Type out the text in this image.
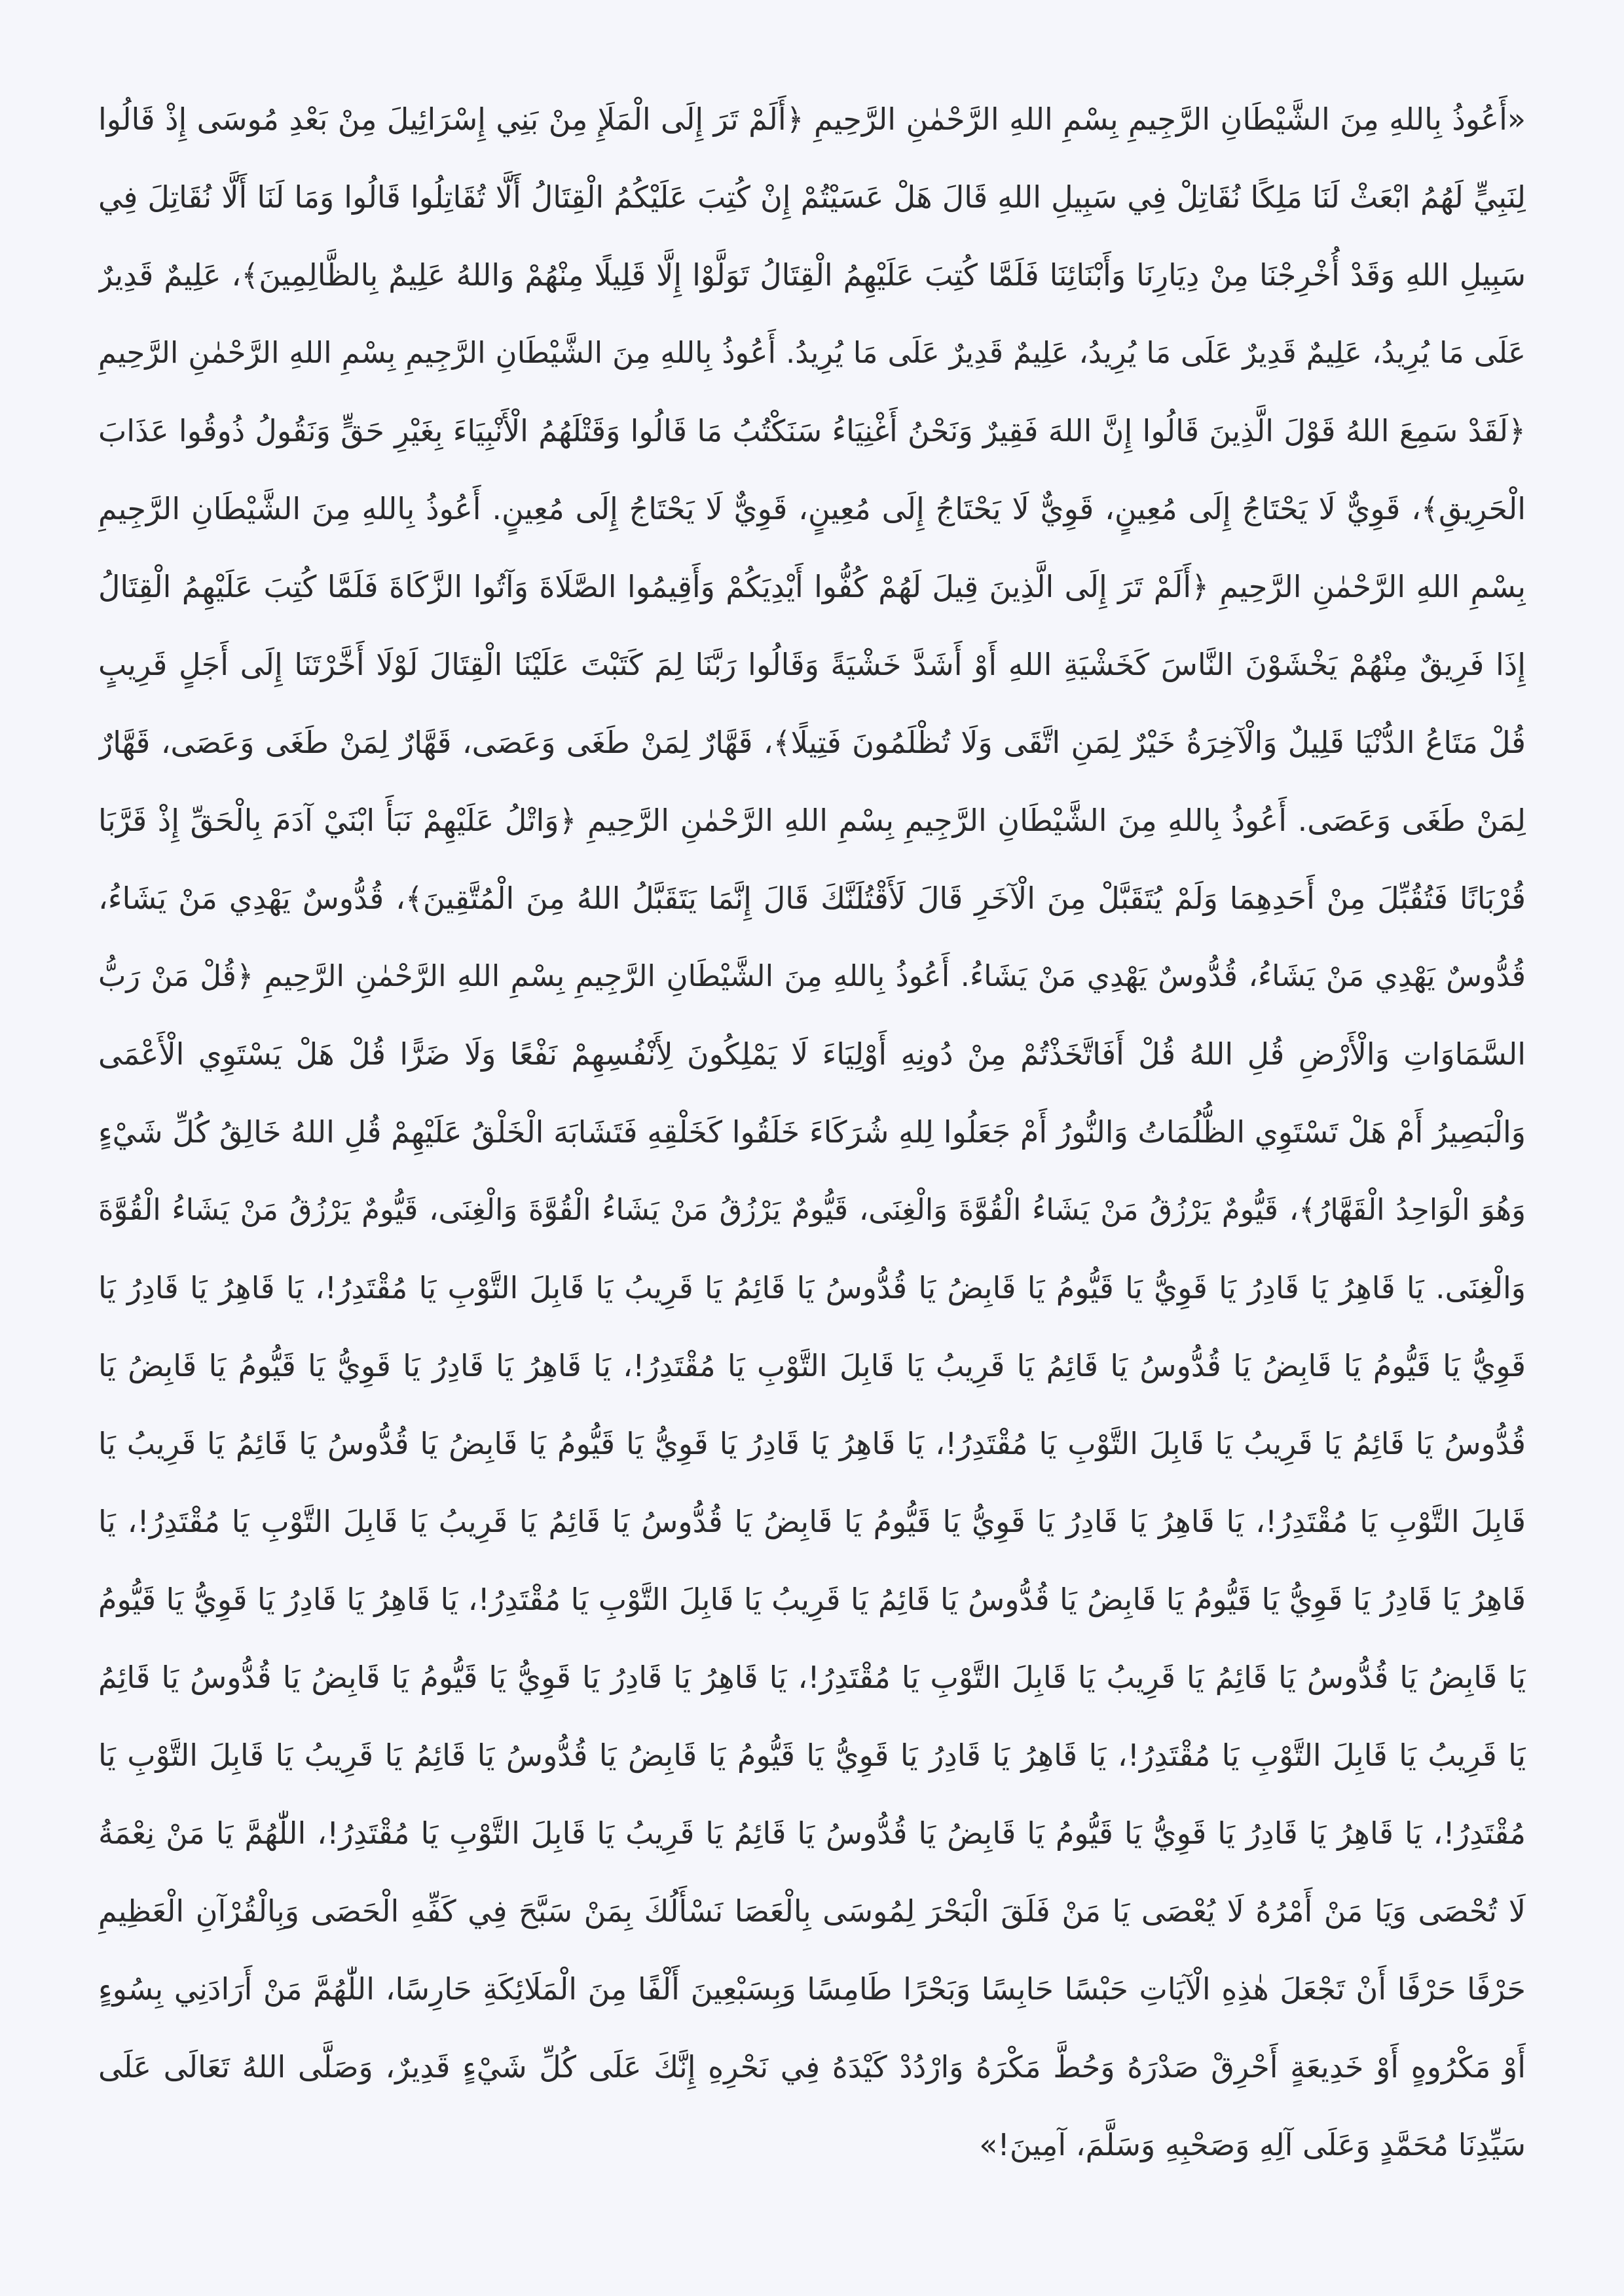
«أَعُوذُ بِاللهِ مِنَ الشَّيْطَانِ الرَّجِيمِ بِسْمِ اللهِ الرَّحْمٰنِ الرَّحِيمِ ﴿أَلَمْ تَرَ إِلَى الْمَلَإِ مِنْ بَنِي إِسْرَائِيلَ مِنْ بَعْدِ مُوسَى إِذْ قَالُوا
لِنَبِيٍّ لَهُمُ ابْعَثْ لَنَا مَلِكًا نُقَاتِلْ فِي سَبِيلِ اللهِ قَالَ هَلْ عَسَيْتُمْ إِنْ كُتِبَ عَلَيْكُمُ الْقِتَالُ أَلَّا تُقَاتِلُوا قَالُوا وَمَا لَنَا أَلَّا نُقَاتِلَ فِي
سَبِيلِ اللهِ وَقَدْ أُخْرِجْنَا مِنْ دِيَارِنَا وَأَبْنَائِنَا فَلَمَّا كُتِبَ عَلَيْهِمُ الْقِتَالُ تَوَلَّوْا إِلَّا قَلِيلًا مِنْهُمْ وَاللهُ عَلِيمٌ بِالظَّالِمِينَ﴾، عَلِيمٌ قَدِيرٌ
عَلَى مَا يُرِيدُ، عَلِيمٌ قَدِيرٌ عَلَى مَا يُرِيدُ، عَلِيمٌ قَدِيرٌ عَلَى مَا يُرِيدُ. أَعُوذُ بِاللهِ مِنَ الشَّيْطَانِ الرَّجِيمِ بِسْمِ اللهِ الرَّحْمٰنِ الرَّحِيمِ
﴿لَقَدْ سَمِعَ اللهُ قَوْلَ الَّذِينَ قَالُوا إِنَّ اللهَ فَقِيرٌ وَنَحْنُ أَغْنِيَاءُ سَنَكْتُبُ مَا قَالُوا وَقَتْلَهُمُ الْأَنْبِيَاءَ بِغَيْرِ حَقٍّ وَنَقُولُ ذُوقُوا عَذَابَ
الْحَرِيقِ﴾، قَوِيٌّ لَا يَحْتَاجُ إِلَى مُعِينٍ، قَوِيٌّ لَا يَحْتَاجُ إِلَى مُعِينٍ، قَوِيٌّ لَا يَحْتَاجُ إِلَى مُعِينٍ. أَعُوذُ بِاللهِ مِنَ الشَّيْطَانِ الرَّجِيمِ
بِسْمِ اللهِ الرَّحْمٰنِ الرَّحِيمِ ﴿أَلَمْ تَرَ إِلَى الَّذِينَ قِيلَ لَهُمْ كُفُّوا أَيْدِيَكُمْ وَأَقِيمُوا الصَّلَاةَ وَآتُوا الزَّكَاةَ فَلَمَّا كُتِبَ عَلَيْهِمُ الْقِتَالُ
إِذَا فَرِيقٌ مِنْهُمْ يَخْشَوْنَ النَّاسَ كَخَشْيَةِ اللهِ أَوْ أَشَدَّ خَشْيَةً وَقَالُوا رَبَّنَا لِمَ كَتَبْتَ عَلَيْنَا الْقِتَالَ لَوْلَا أَخَّرْتَنَا إِلَى أَجَلٍ قَرِيبٍ
قُلْ مَتَاعُ الدُّنْيَا قَلِيلٌ وَالْآخِرَةُ خَيْرٌ لِمَنِ اتَّقَى وَلَا تُظْلَمُونَ فَتِيلًا﴾، قَهَّارٌ لِمَنْ طَغَى وَعَصَى، قَهَّارٌ لِمَنْ طَغَى وَعَصَى، قَهَّارٌ
لِمَنْ طَغَى وَعَصَى. أَعُوذُ بِاللهِ مِنَ الشَّيْطَانِ الرَّجِيمِ بِسْمِ اللهِ الرَّحْمٰنِ الرَّحِيمِ ﴿وَاتْلُ عَلَيْهِمْ نَبَأَ ابْنَيْ آدَمَ بِالْحَقِّ إِذْ قَرَّبَا
قُرْبَانًا فَتُقُبِّلَ مِنْ أَحَدِهِمَا وَلَمْ يُتَقَبَّلْ مِنَ الْآخَرِ قَالَ لَأَقْتُلَنَّكَ قَالَ إِنَّمَا يَتَقَبَّلُ اللهُ مِنَ الْمُتَّقِينَ﴾، قُدُّوسٌ يَهْدِي مَنْ يَشَاءُ،
قُدُّوسٌ يَهْدِي مَنْ يَشَاءُ، قُدُّوسٌ يَهْدِي مَنْ يَشَاءُ. أَعُوذُ بِاللهِ مِنَ الشَّيْطَانِ الرَّجِيمِ بِسْمِ اللهِ الرَّحْمٰنِ الرَّحِيمِ ﴿قُلْ مَنْ رَبُّ
السَّمَاوَاتِ وَالْأَرْضِ قُلِ اللهُ قُلْ أَفَاتَّخَذْتُمْ مِنْ دُونِهِ أَوْلِيَاءَ لَا يَمْلِكُونَ لِأَنْفُسِهِمْ نَفْعًا وَلَا ضَرًّا قُلْ هَلْ يَسْتَوِي الْأَعْمَى
وَالْبَصِيرُ أَمْ هَلْ تَسْتَوِي الظُّلُمَاتُ وَالنُّورُ أَمْ جَعَلُوا لِلهِ شُرَكَاءَ خَلَقُوا كَخَلْقِهِ فَتَشَابَهَ الْخَلْقُ عَلَيْهِمْ قُلِ اللهُ خَالِقُ كُلِّ شَيْءٍ
وَهُوَ الْوَاحِدُ الْقَهَّارُ﴾، قَيُّومٌ يَرْزُقُ مَنْ يَشَاءُ الْقُوَّةَ وَالْغِنَى، قَيُّومٌ يَرْزُقُ مَنْ يَشَاءُ الْقُوَّةَ وَالْغِنَى، قَيُّومٌ يَرْزُقُ مَنْ يَشَاءُ الْقُوَّةَ
وَالْغِنَى. يَا قَاهِرُ يَا قَادِرُ يَا قَوِيُّ يَا قَيُّومُ يَا قَابِضُ يَا قُدُّوسُ يَا قَائِمُ يَا قَرِيبُ يَا قَابِلَ التَّوْبِ يَا مُقْتَدِرُ!، يَا قَاهِرُ يَا قَادِرُ يَا
قَوِيُّ يَا قَيُّومُ يَا قَابِضُ يَا قُدُّوسُ يَا قَائِمُ يَا قَرِيبُ يَا قَابِلَ التَّوْبِ يَا مُقْتَدِرُ!، يَا قَاهِرُ يَا قَادِرُ يَا قَوِيُّ يَا قَيُّومُ يَا قَابِضُ يَا
قُدُّوسُ يَا قَائِمُ يَا قَرِيبُ يَا قَابِلَ التَّوْبِ يَا مُقْتَدِرُ!، يَا قَاهِرُ يَا قَادِرُ يَا قَوِيُّ يَا قَيُّومُ يَا قَابِضُ يَا قُدُّوسُ يَا قَائِمُ يَا قَرِيبُ يَا
قَابِلَ التَّوْبِ يَا مُقْتَدِرُ!، يَا قَاهِرُ يَا قَادِرُ يَا قَوِيُّ يَا قَيُّومُ يَا قَابِضُ يَا قُدُّوسُ يَا قَائِمُ يَا قَرِيبُ يَا قَابِلَ التَّوْبِ يَا مُقْتَدِرُ!، يَا
قَاهِرُ يَا قَادِرُ يَا قَوِيُّ يَا قَيُّومُ يَا قَابِضُ يَا قُدُّوسُ يَا قَائِمُ يَا قَرِيبُ يَا قَابِلَ التَّوْبِ يَا مُقْتَدِرُ!، يَا قَاهِرُ يَا قَادِرُ يَا قَوِيُّ يَا قَيُّومُ
يَا قَابِضُ يَا قُدُّوسُ يَا قَائِمُ يَا قَرِيبُ يَا قَابِلَ التَّوْبِ يَا مُقْتَدِرُ!، يَا قَاهِرُ يَا قَادِرُ يَا قَوِيُّ يَا قَيُّومُ يَا قَابِضُ يَا قُدُّوسُ يَا قَائِمُ
يَا قَرِيبُ يَا قَابِلَ التَّوْبِ يَا مُقْتَدِرُ!، يَا قَاهِرُ يَا قَادِرُ يَا قَوِيُّ يَا قَيُّومُ يَا قَابِضُ يَا قُدُّوسُ يَا قَائِمُ يَا قَرِيبُ يَا قَابِلَ التَّوْبِ يَا
مُقْتَدِرُ!، يَا قَاهِرُ يَا قَادِرُ يَا قَوِيُّ يَا قَيُّومُ يَا قَابِضُ يَا قُدُّوسُ يَا قَائِمُ يَا قَرِيبُ يَا قَابِلَ التَّوْبِ يَا مُقْتَدِرُ!، اللّٰهُمَّ يَا مَنْ نِعْمَةُ
لَا تُحْصَى وَيَا مَنْ أَمْرُهُ لَا يُعْصَى يَا مَنْ فَلَقَ الْبَحْرَ لِمُوسَى بِالْعَصَا نَسْأَلُكَ بِمَنْ سَبَّحَ فِي كَفِّهِ الْحَصَى وَبِالْقُرْآنِ الْعَظِيمِ
حَرْفًا حَرْفًا أَنْ تَجْعَلَ هٰذِهِ الْآيَاتِ حَبْسًا حَابِسًا وَبَحْرًا طَامِسًا وَبِسَبْعِينَ أَلْفًا مِنَ الْمَلَائِكَةِ حَارِسًا، اللّٰهُمَّ مَنْ أَرَادَنِي بِسُوءٍ
أَوْ مَكْرُوهٍ أَوْ خَدِيعَةٍ أَحْرِقْ صَدْرَهُ وَحُطَّ مَكْرَهُ وَارْدُدْ كَيْدَهُ فِي نَحْرِهِ إِنَّكَ عَلَى كُلِّ شَيْءٍ قَدِيرٌ، وَصَلَّى اللهُ تَعَالَى عَلَى
سَيِّدِنَا مُحَمَّدٍ وَعَلَى آلِهِ وَصَحْبِهِ وَسَلَّمَ، آمِينَ!»
